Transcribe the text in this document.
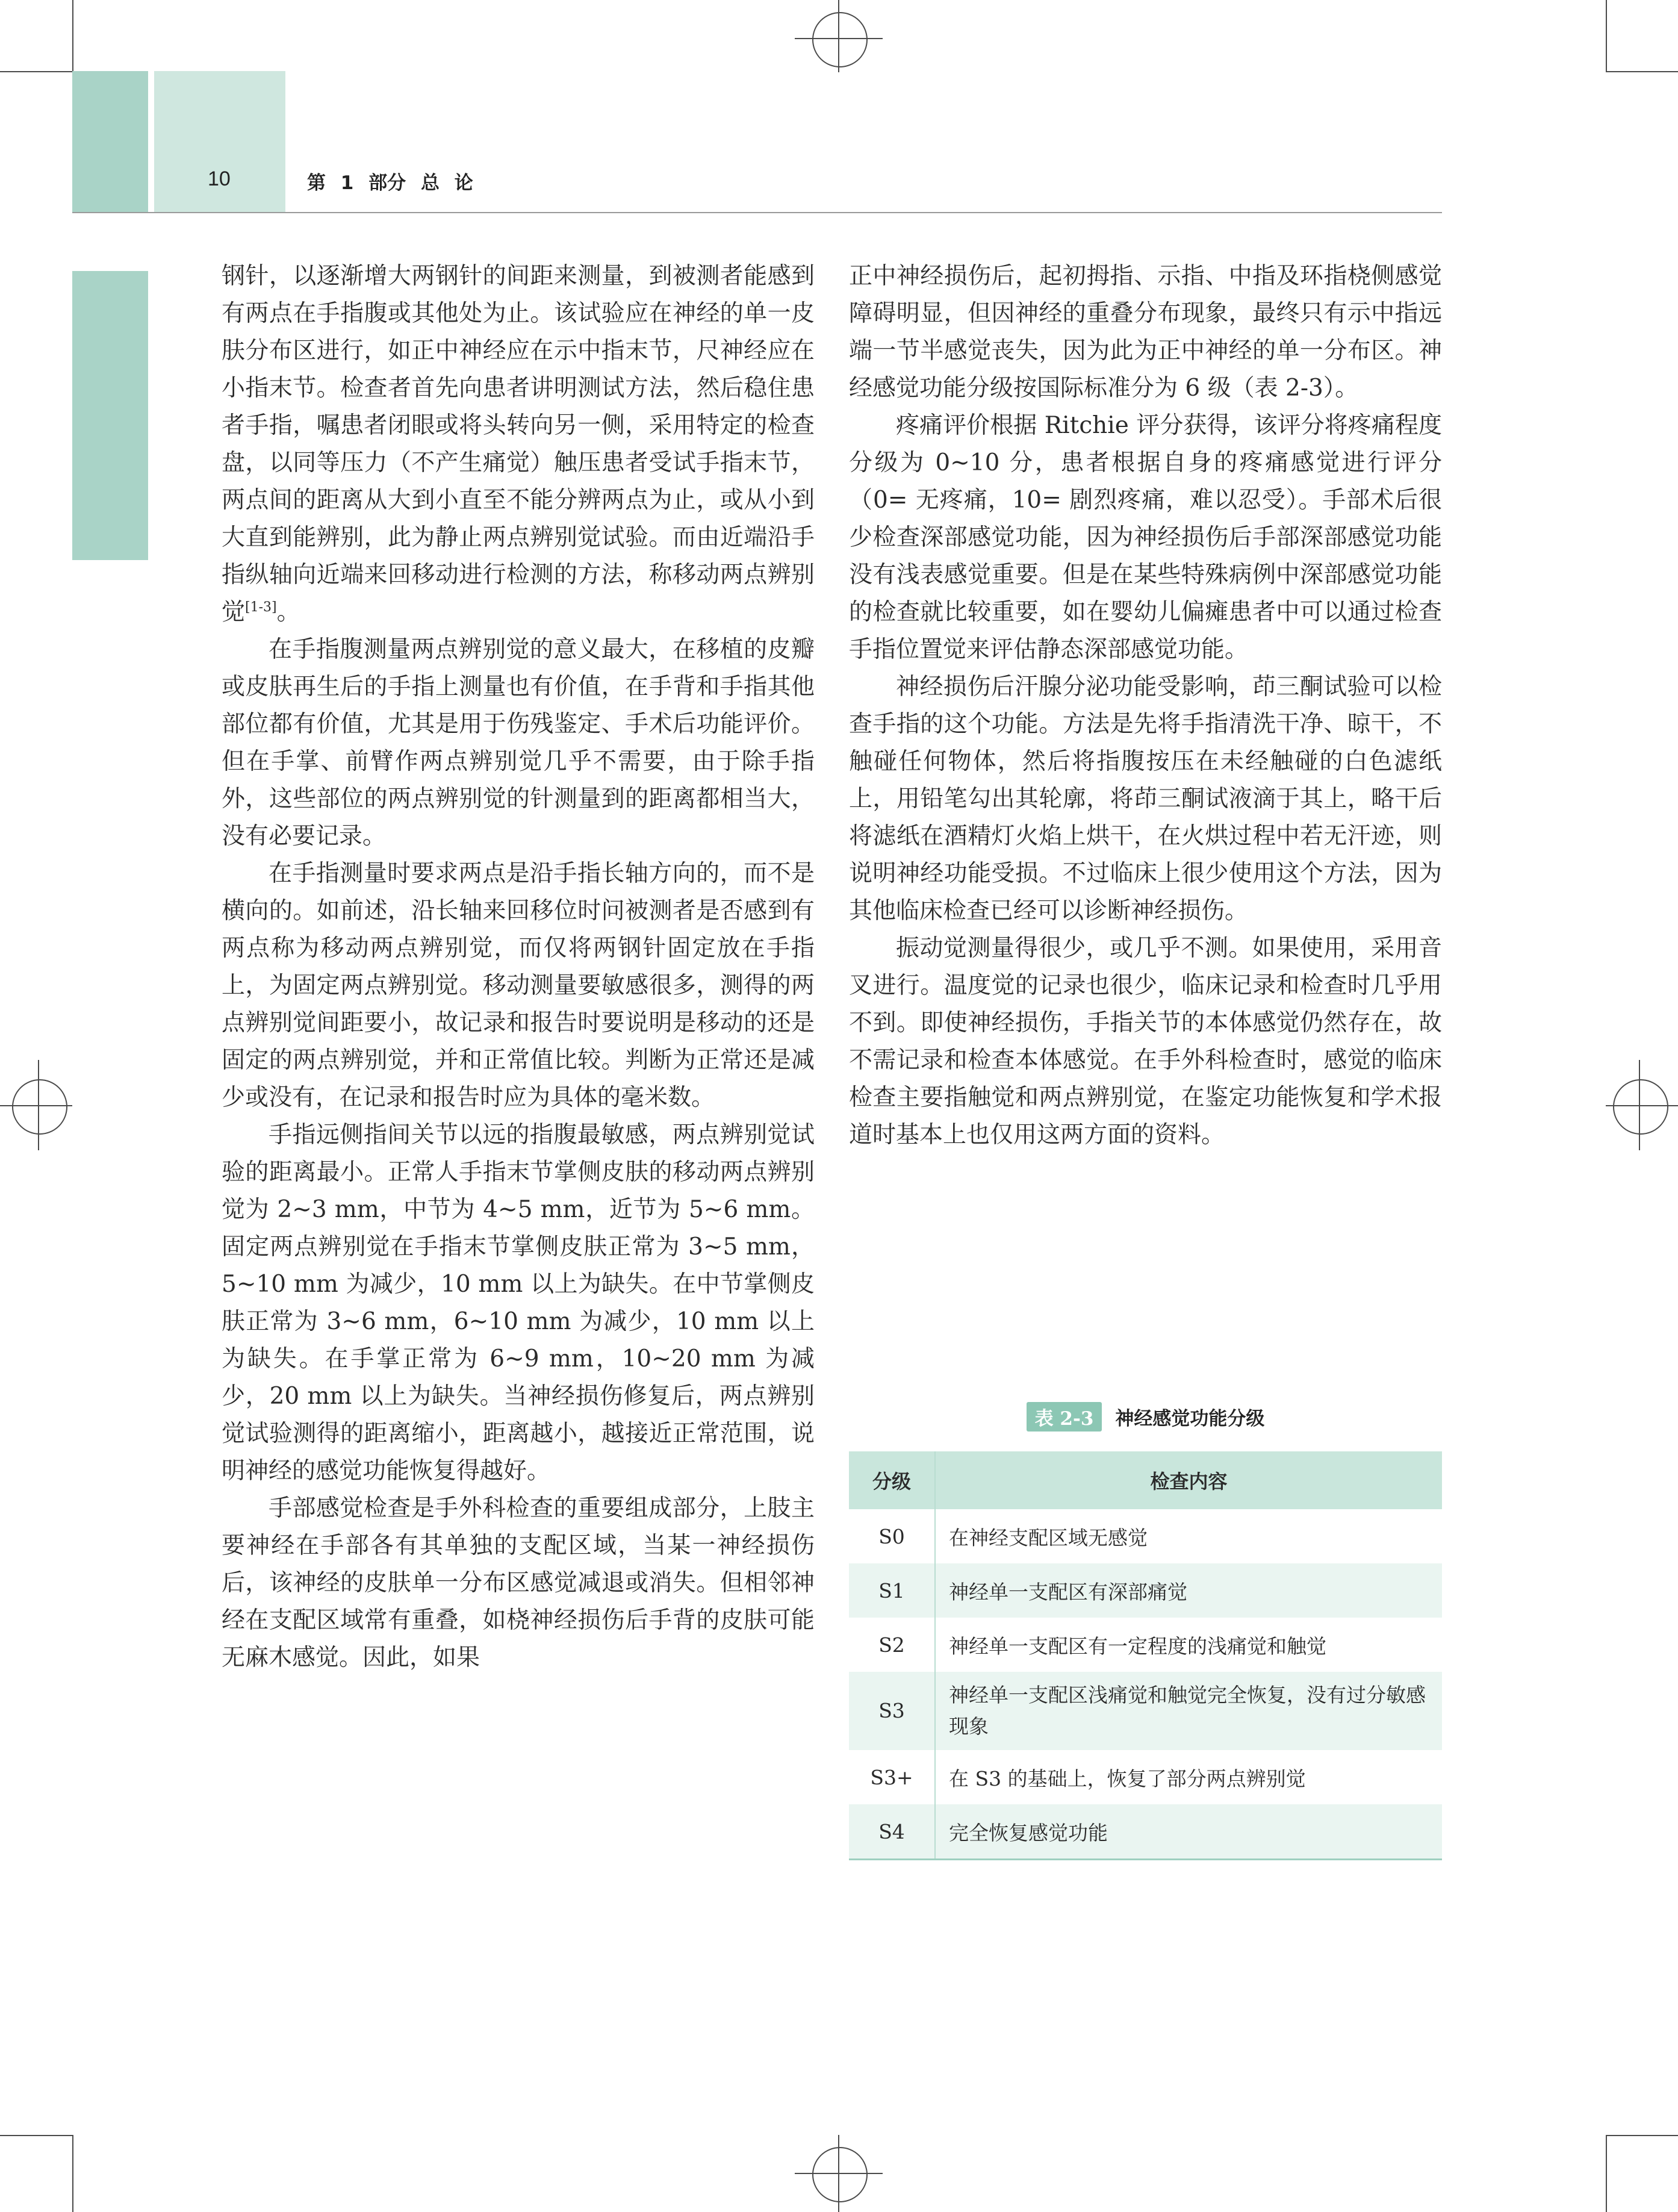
10	第 1 部分 总 论

钢针，以逐渐增大两钢针的间距来测量，到被测者能感到有两点在手指腹或其他处为止。该试验应在神经的单一皮肤分布区进行，如正中神经应在示中指末节，尺神经应在小指末节。检查者首先向患者讲明测试方法，然后稳住患者手指，嘱患者闭眼或将头转向另一侧，采用特定的检查盘，以同等压力（不产生痛觉）触压患者受试手指末节，两点间的距离从大到小直至不能分辨两点为止，或从小到大直到能辨别，此为静止两点辨别觉试验。而由近端沿手指纵轴向近端来回移动进行检测的方法，称移动两点辨别觉[1-3]。

在手指腹测量两点辨别觉的意义最大，在移植的皮瓣或皮肤再生后的手指上测量也有价值，在手背和手指其他部位都有价值，尤其是用于伤残鉴定、手术后功能评价。但在手掌、前臂作两点辨别觉几乎不需要，由于除手指外，这些部位的两点辨别觉的针测量到的距离都相当大，没有必要记录。

在手指测量时要求两点是沿手指长轴方向的，而不是横向的。如前述，沿长轴来回移位时问被测者是否感到有两点称为移动两点辨别觉，而仅将两钢针固定放在手指上，为固定两点辨别觉。移动测量要敏感很多，测得的两点辨别觉间距要小，故记录和报告时要说明是移动的还是固定的两点辨别觉，并和正常值比较。判断为正常还是减少或没有，在记录和报告时应为具体的毫米数。

手指远侧指间关节以远的指腹最敏感，两点辨别觉试验的距离最小。正常人手指末节掌侧皮肤的移动两点辨别觉为 2~3 mm，中节为 4~5 mm，近节为 5~6 mm。固定两点辨别觉在手指末节掌侧皮肤正常为 3~5 mm，5~10 mm 为减少，10 mm 以上为缺失。在中节掌侧皮肤正常为 3~6 mm，6~10 mm 为减少，10 mm 以上为缺失。在手掌正常为 6~9 mm，10~20 mm 为减少，20 mm 以上为缺失。当神经损伤修复后，两点辨别觉试验测得的距离缩小，距离越小，越接近正常范围，说明神经的感觉功能恢复得越好。

手部感觉检查是手外科检查的重要组成部分，上肢主要神经在手部各有其单独的支配区域，当某一神经损伤后，该神经的皮肤单一分布区感觉减退或消失。但相邻神经在支配区域常有重叠，如桡神经损伤后手背的皮肤可能无麻木感觉。因此，如果

正中神经损伤后，起初拇指、示指、中指及环指桡侧感觉障碍明显，但因神经的重叠分布现象，最终只有示中指远端一节半感觉丧失，因为此为正中神经的单一分布区。神经感觉功能分级按国际标准分为 6 级（表 2-3）。

疼痛评价根据 Ritchie 评分获得，该评分将疼痛程度分级为 0~10 分，患者根据自身的疼痛感觉进行评分（0= 无疼痛，10= 剧烈疼痛，难以忍受）。手部术后很少检查深部感觉功能，因为神经损伤后手部深部感觉功能没有浅表感觉重要。但是在某些特殊病例中深部感觉功能的检查就比较重要，如在婴幼儿偏瘫患者中可以通过检查手指位置觉来评估静态深部感觉功能。

神经损伤后汗腺分泌功能受影响，茚三酮试验可以检查手指的这个功能。方法是先将手指清洗干净、晾干，不触碰任何物体，然后将指腹按压在未经触碰的白色滤纸上，用铅笔勾出其轮廓，将茚三酮试液滴于其上，略干后将滤纸在酒精灯火焰上烘干，在火烘过程中若无汗迹，则说明神经功能受损。不过临床上很少使用这个方法，因为其他临床检查已经可以诊断神经损伤。

振动觉测量得很少，或几乎不测。如果使用，采用音叉进行。温度觉的记录也很少，临床记录和检查时几乎用不到。即使神经损伤，手指关节的本体感觉仍然存在，故不需记录和检查本体感觉。在手外科检查时，感觉的临床检查主要指触觉和两点辨别觉，在鉴定功能恢复和学术报道时基本上也仅用这两方面的资料。

表 2-3 神经感觉功能分级
分级	检查内容
S0	在神经支配区域无感觉
S1	神经单一支配区有深部痛觉
S2	神经单一支配区有一定程度的浅痛觉和触觉
S3	神经单一支配区浅痛觉和触觉完全恢复，没有过分敏感现象
S3+	在 S3 的基础上，恢复了部分两点辨别觉
S4	完全恢复感觉功能
